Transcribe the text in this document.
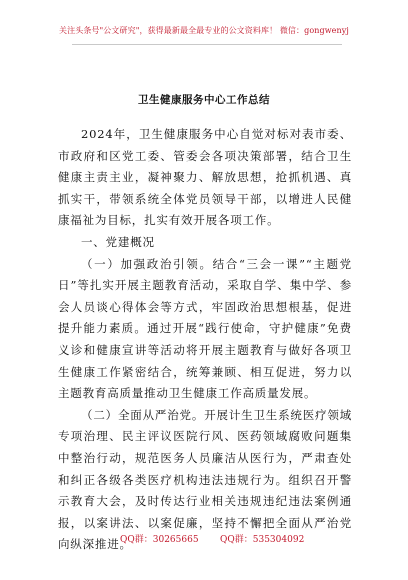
关注头条号"公文研究"，获得最新最全最专业的公文资料库！ 微信：gongwenyj
卫生健康服务中心工作总结

2024年，卫生健康服务中心自觉对标对表市委、市政府和区党工委、管委会各项决策部署，结合卫生健康主责主业，凝神聚力、解放思想，抢抓机遇、真抓实干，带领系统全体党员领导干部，以增进人民健康福祉为目标，扎实有效开展各项工作。

一、党建概况

（一）加强政治引领。结合“三会一课”“主题党日”等扎实开展主题教育活动，采取自学、集中学、参会人员谈心得体会等方式，牢固政治思想根基，促进提升能力素质。通过开展“践行使命，守护健康”免费义诊和健康宣讲等活动将开展主题教育与做好各项卫生健康工作紧密结合，统筹兼顾、相互促进，努力以主题教育高质量推动卫生健康工作高质量发展。

（二）全面从严治党。开展计生卫生系统医疗领域专项治理、民主评议医院行风、医药领域腐败问题集中整治行动，规范医务人员廉洁从医行为，严肃查处和纠正各级各类医疗机构违法违规行为。组织召开警示教育大会，及时传达行业相关违规违纪违法案例通报，以案讲法、以案促廉，坚持不懈把全面从严治党向纵深推进。

QQ群：30265665 QQ群：535304092
